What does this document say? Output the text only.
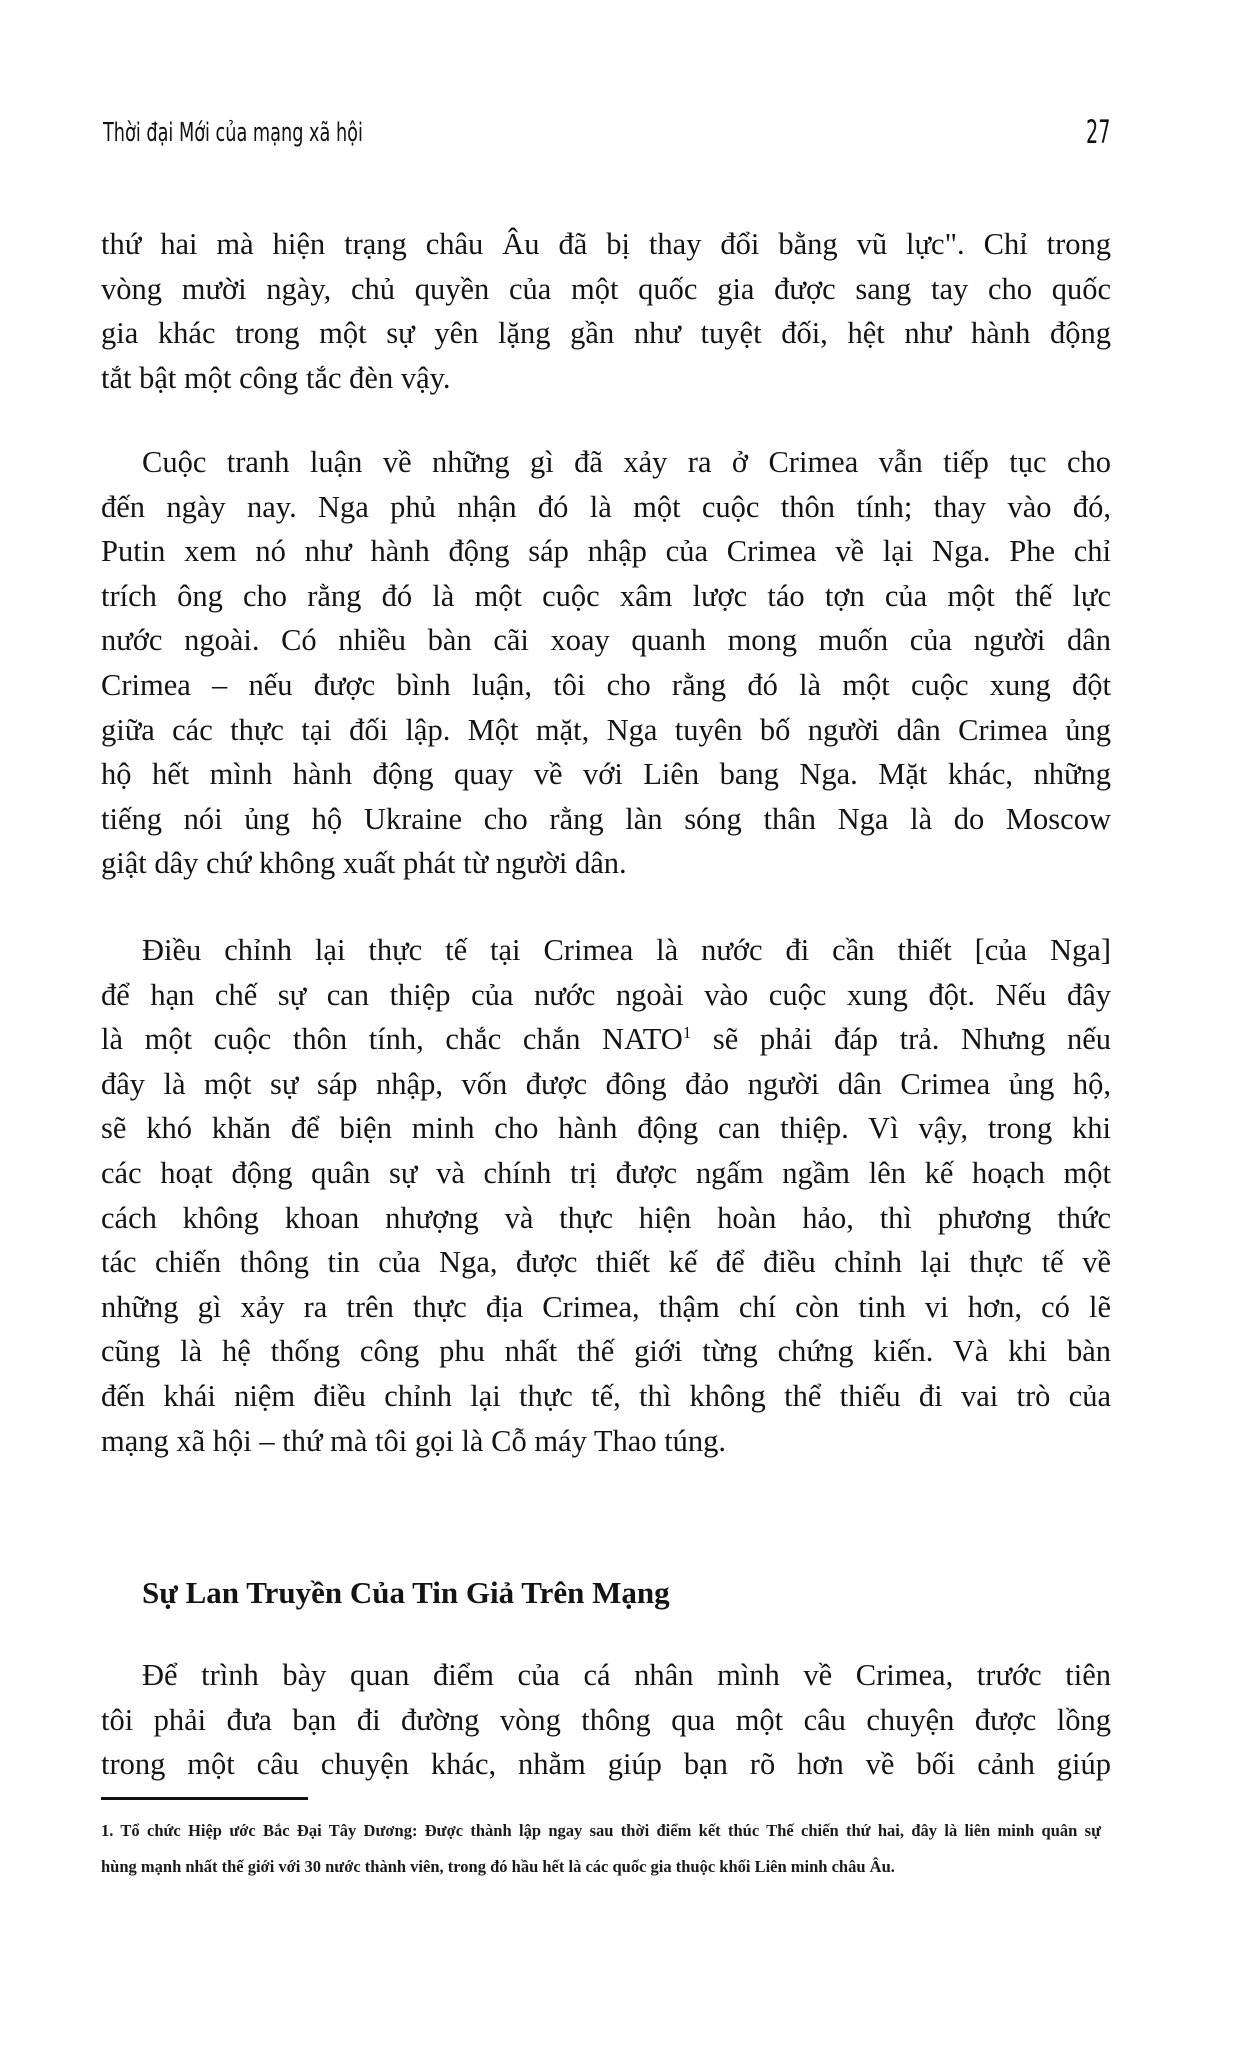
Thời đại Mới của mạng xã hội	27
thứ hai mà hiện trạng châu Âu đã bị thay đổi bằng vũ lực". Chỉ trong
vòng mười ngày, chủ quyền của một quốc gia được sang tay cho quốc
gia khác trong một sự yên lặng gần như tuyệt đối, hệt như hành động
tắt bật một công tắc đèn vậy.
Cuộc tranh luận về những gì đã xảy ra ở Crimea vẫn tiếp tục cho
đến ngày nay. Nga phủ nhận đó là một cuộc thôn tính; thay vào đó,
Putin xem nó như hành động sáp nhập của Crimea về lại Nga. Phe chỉ
trích ông cho rằng đó là một cuộc xâm lược táo tợn của một thế lực
nước ngoài. Có nhiều bàn cãi xoay quanh mong muốn của người dân
Crimea – nếu được bình luận, tôi cho rằng đó là một cuộc xung đột
giữa các thực tại đối lập. Một mặt, Nga tuyên bố người dân Crimea ủng
hộ hết mình hành động quay về với Liên bang Nga. Mặt khác, những
tiếng nói ủng hộ Ukraine cho rằng làn sóng thân Nga là do Moscow
giật dây chứ không xuất phát từ người dân.
Điều chỉnh lại thực tế tại Crimea là nước đi cần thiết [của Nga]
để hạn chế sự can thiệp của nước ngoài vào cuộc xung đột. Nếu đây
là một cuộc thôn tính, chắc chắn NATO$^1$ sẽ phải đáp trả. Nhưng nếu
đây là một sự sáp nhập, vốn được đông đảo người dân Crimea ủng hộ,
sẽ khó khăn để biện minh cho hành động can thiệp. Vì vậy, trong khi
các hoạt động quân sự và chính trị được ngấm ngầm lên kế hoạch một
cách không khoan nhượng và thực hiện hoàn hảo, thì phương thức
tác chiến thông tin của Nga, được thiết kế để điều chỉnh lại thực tế về
những gì xảy ra trên thực địa Crimea, thậm chí còn tinh vi hơn, có lẽ
cũng là hệ thống công phu nhất thế giới từng chứng kiến. Và khi bàn
đến khái niệm điều chỉnh lại thực tế, thì không thể thiếu đi vai trò của
mạng xã hội – thứ mà tôi gọi là Cỗ máy Thao túng.
Sự Lan Truyền Của Tin Giả Trên Mạng
Để trình bày quan điểm của cá nhân mình về Crimea, trước tiên
tôi phải đưa bạn đi đường vòng thông qua một câu chuyện được lồng
trong một câu chuyện khác, nhằm giúp bạn rõ hơn về bối cảnh giúp
1. Tổ chức Hiệp ước Bắc Đại Tây Dương: Được thành lập ngay sau thời điểm kết thúc Thế chiến thứ hai, đây là liên minh quân sự
hùng mạnh nhất thế giới với 30 nước thành viên, trong đó hầu hết là các quốc gia thuộc khối Liên minh châu Âu.
